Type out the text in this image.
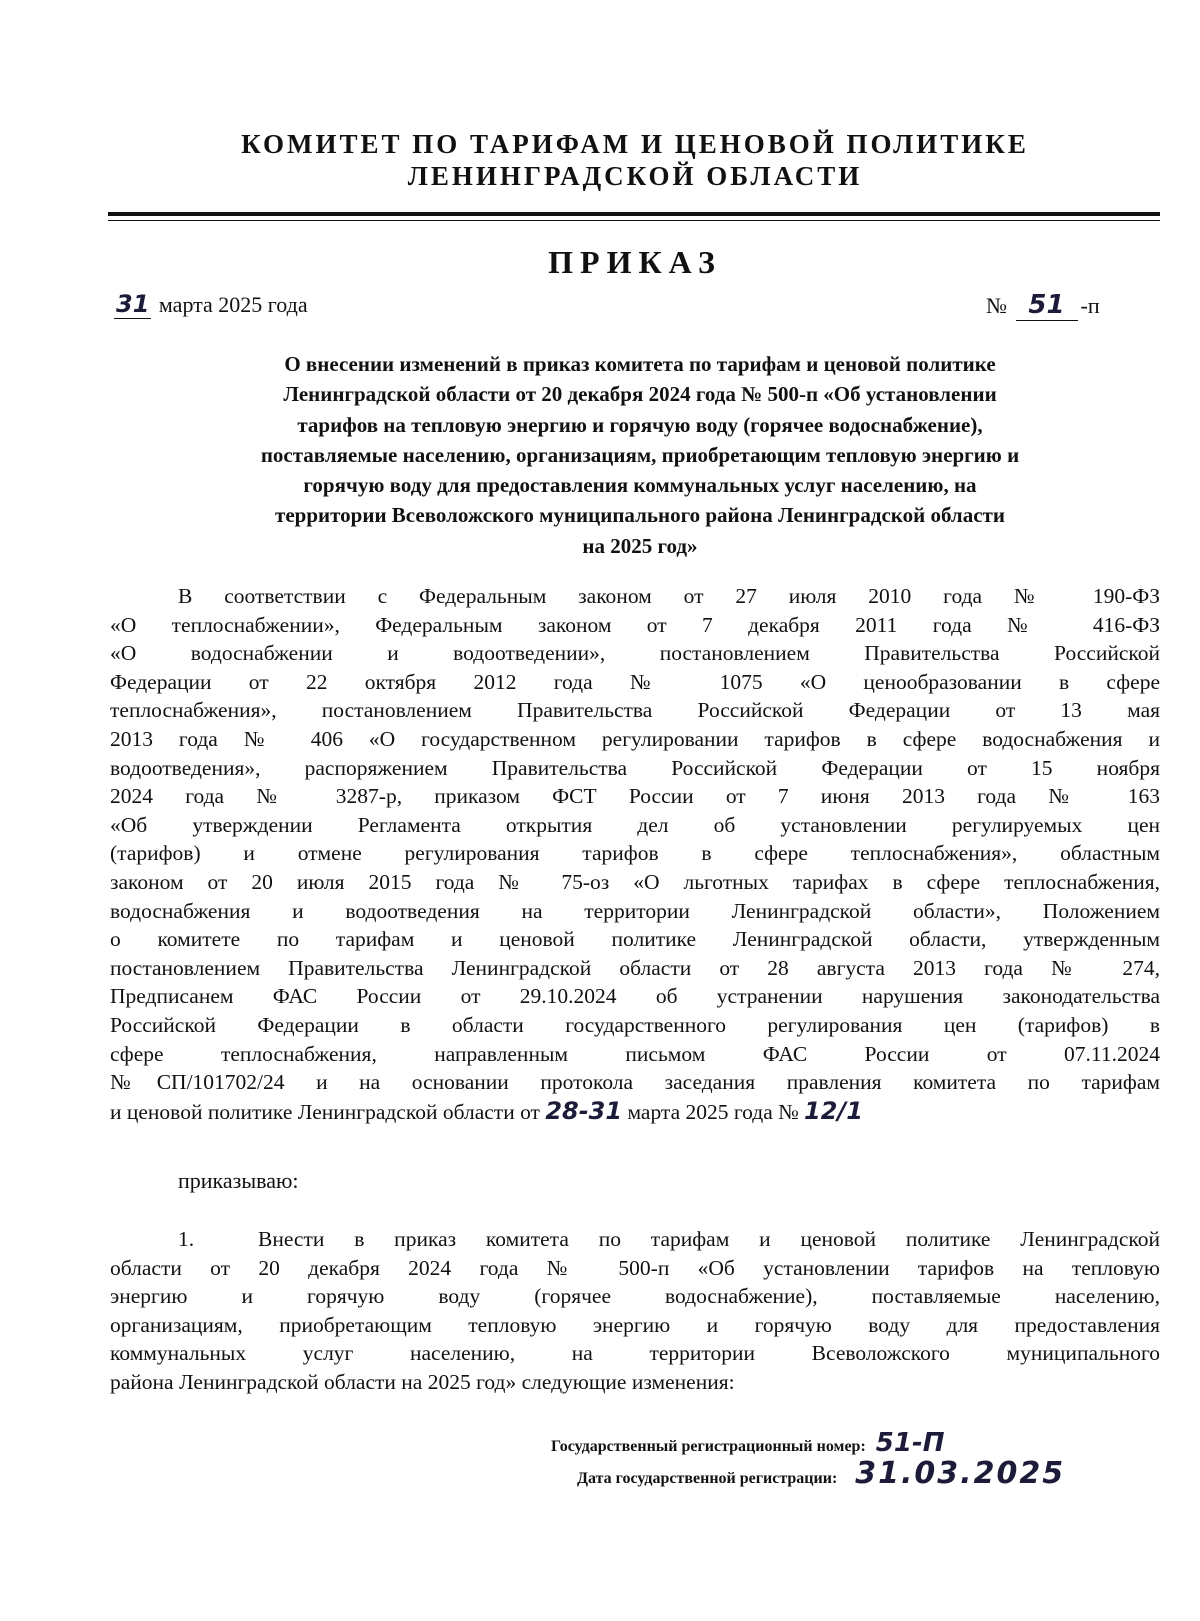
КОМИТЕТ ПО ТАРИФАМ И ЦЕНОВОЙ ПОЛИТИКЕ
ЛЕНИНГРАДСКОЙ ОБЛАСТИ
ПРИКАЗ
31 марта 2025 года	№ 51 -п
О внесении изменений в приказ комитета по тарифам и ценовой политике
Ленинградской области от 20 декабря 2024 года № 500-п «Об установлении
тарифов на тепловую энергию и горячую воду (горячее водоснабжение),
поставляемые населению, организациям, приобретающим тепловую энергию и
горячую воду для предоставления коммунальных услуг населению, на
территории Всеволожского муниципального района Ленинградской области
на 2025 год»
В соответствии с Федеральным законом от 27 июля 2010 года № 190-ФЗ
«О теплоснабжении», Федеральным законом от 7 декабря 2011 года № 416-ФЗ
«О водоснабжении и водоотведении», постановлением Правительства Российской
Федерации от 22 октября 2012 года № 1075 «О ценообразовании в сфере
теплоснабжения», постановлением Правительства Российской Федерации от 13 мая
2013 года № 406 «О государственном регулировании тарифов в сфере водоснабжения и
водоотведения», распоряжением Правительства Российской Федерации от 15 ноября
2024 года № 3287-р, приказом ФСТ России от 7 июня 2013 года № 163
«Об утверждении Регламента открытия дел об установлении регулируемых цен
(тарифов) и отмене регулирования тарифов в сфере теплоснабжения», областным
законом от 20 июля 2015 года № 75-оз «О льготных тарифах в сфере теплоснабжения,
водоснабжения и водоотведения на территории Ленинградской области», Положением
о комитете по тарифам и ценовой политике Ленинградской области, утвержденным
постановлением Правительства Ленинградской области от 28 августа 2013 года № 274,
Предписанем ФАС России от 29.10.2024 об устранении нарушения законодательства
Российской Федерации в области государственного регулирования цен (тарифов) в
сфере теплоснабжения, направленным письмом ФАС России от 07.11.2024
№СП/101702/24 и на основании протокола заседания правления комитета по тарифам
и ценовой политике Ленинградской области от 28-31 марта 2025 года № 12/1
приказываю:
1.	Внести в приказ комитета по тарифам и ценовой политике Ленинградской
области от 20 декабря 2024 года № 500-п «Об установлении тарифов на тепловую
энергию и горячую воду (горячее водоснабжение), поставляемые населению,
организациям, приобретающим тепловую энергию и горячую воду для предоставления
коммунальных услуг населению, на территории Всеволожского муниципального
района Ленинградской области на 2025 год» следующие изменения:
Государственный регистрационный номер: 51-П
Дата государственной регистрации: 31.03.2025
